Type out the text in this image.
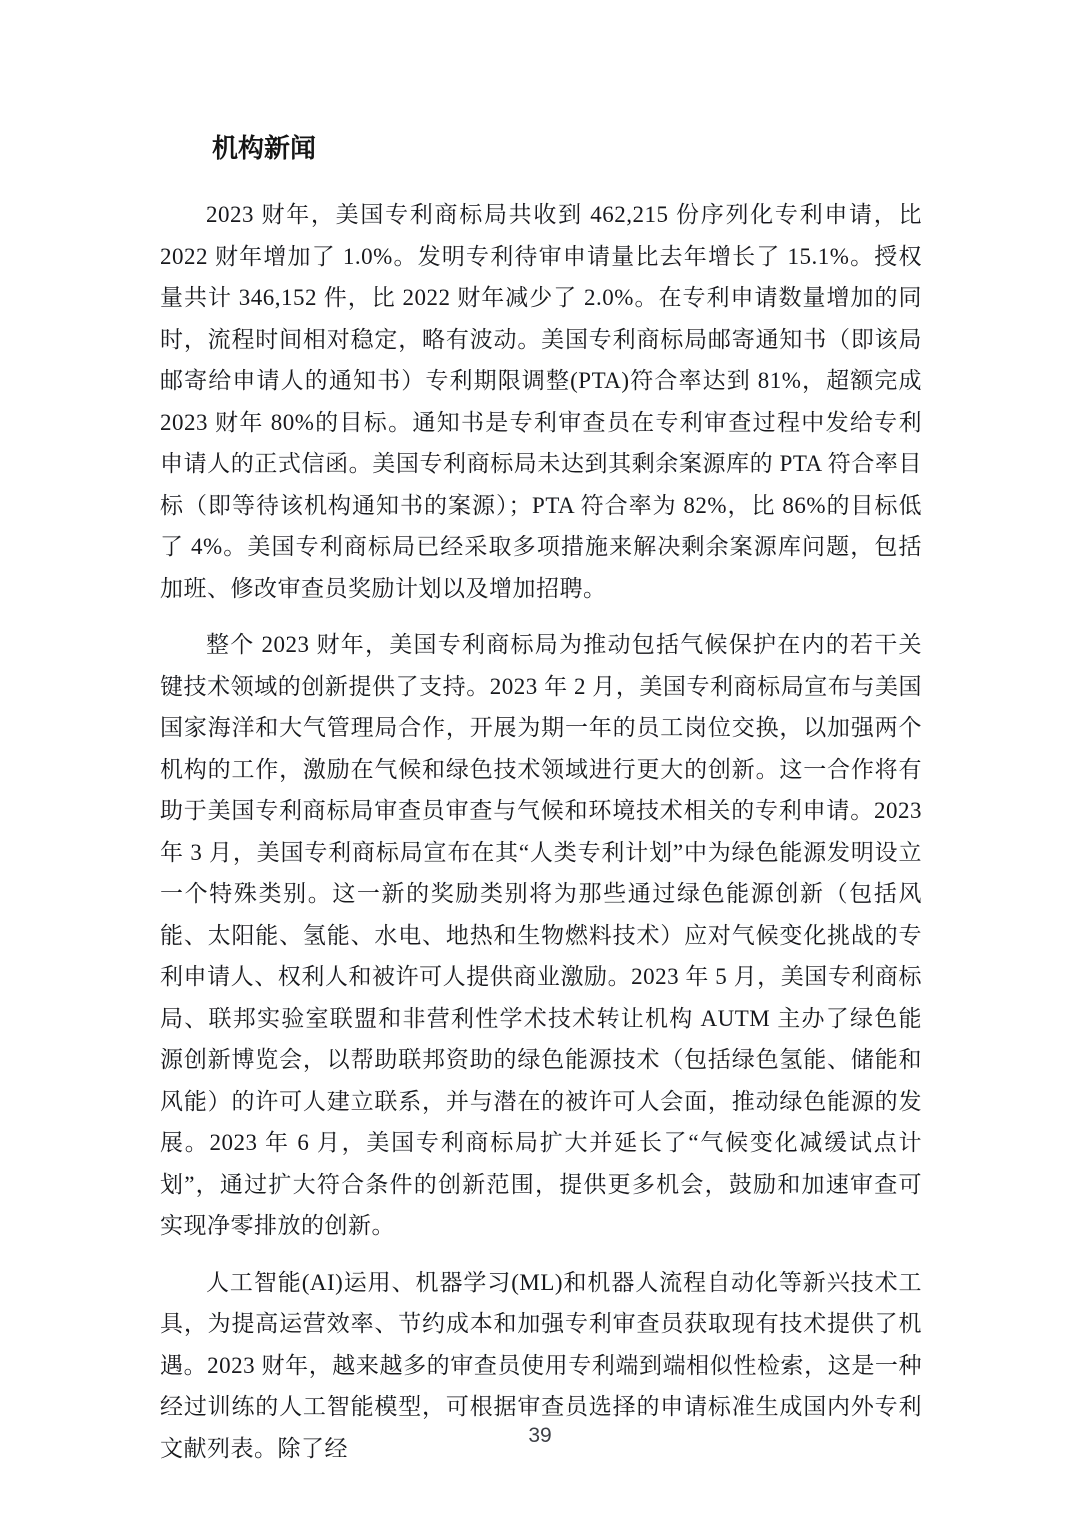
机构新闻

2023 财年，美国专利商标局共收到 462,215 份序列化专利申请，比 2022 财年增加了 1.0%。发明专利待审申请量比去年增长了 15.1%。授权量共计 346,152 件，比 2022 财年减少了 2.0%。在专利申请数量增加的同时，流程时间相对稳定，略有波动。美国专利商标局邮寄通知书（即该局邮寄给申请人的通知书）专利期限调整(PTA)符合率达到 81%，超额完成 2023 财年 80%的目标。通知书是专利审查员在专利审查过程中发给专利申请人的正式信函。美国专利商标局未达到其剩余案源库的 PTA 符合率目标（即等待该机构通知书的案源）；PTA 符合率为 82%，比 86%的目标低了 4%。美国专利商标局已经采取多项措施来解决剩余案源库问题，包括加班、修改审查员奖励计划以及增加招聘。

整个 2023 财年，美国专利商标局为推动包括气候保护在内的若干关键技术领域的创新提供了支持。2023 年 2 月，美国专利商标局宣布与美国国家海洋和大气管理局合作，开展为期一年的员工岗位交换，以加强两个机构的工作，激励在气候和绿色技术领域进行更大的创新。这一合作将有助于美国专利商标局审查员审查与气候和环境技术相关的专利申请。2023 年 3 月，美国专利商标局宣布在其“人类专利计划”中为绿色能源发明设立一个特殊类别。这一新的奖励类别将为那些通过绿色能源创新（包括风能、太阳能、氢能、水电、地热和生物燃料技术）应对气候变化挑战的专利申请人、权利人和被许可人提供商业激励。2023 年 5 月，美国专利商标局、联邦实验室联盟和非营利性学术技术转让机构 AUTM 主办了绿色能源创新博览会，以帮助联邦资助的绿色能源技术（包括绿色氢能、储能和风能）的许可人建立联系，并与潜在的被许可人会面，推动绿色能源的发展。2023 年 6 月，美国专利商标局扩大并延长了“气候变化减缓试点计划”，通过扩大符合条件的创新范围，提供更多机会，鼓励和加速审查可实现净零排放的创新。

人工智能(AI)运用、机器学习(ML)和机器人流程自动化等新兴技术工具，为提高运营效率、节约成本和加强专利审查员获取现有技术提供了机遇。2023 财年，越来越多的审查员使用专利端到端相似性检索，这是一种经过训练的人工智能模型，可根据审查员选择的申请标准生成国内外专利文献列表。除了经	39
